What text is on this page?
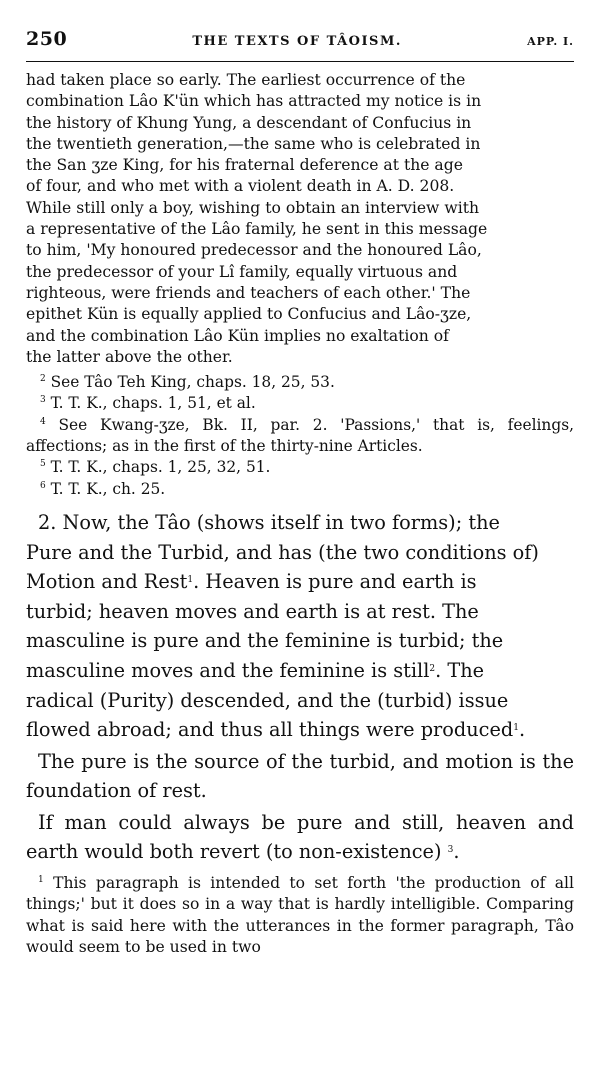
250	THE TEXTS OF TÂOISM.	APP. I.

had taken place so early. The earliest occurrence of the

combination Lâo K'ün which has attracted my notice is in

the history of Khung Yung, a descendant of Confucius in

the twentieth generation,—the same who is celebrated in

the San ʒze King, for his fraternal deference at the age

of four, and who met with a violent death in A. D. 208.

While still only a boy, wishing to obtain an interview with

a representative of the Lâo family, he sent in this message

to him, 'My honoured predecessor and the honoured Lâo,

the predecessor of your Lî family, equally virtuous and

righteous, were friends and teachers of each other.' The

epithet Kün is equally applied to Confucius and Lâo-ʒze,

and the combination Lâo Kün implies no exaltation of

the latter above the other.

$^2$ See Tâo Teh King, chaps. 18, 25, 53.

$^3$ T. T. K., chaps. 1, 51, et al.

$^4$ See Kwang-ʒze, Bk. II, par. 2. 'Passions,' that is, feelings, affections; as in the first of the thirty-nine Articles.

$^5$ T. T. K., chaps. 1, 25, 32, 51.

$^6$ T. T. K., ch. 25.

2. Now, the Tâo (shows itself in two forms); the

Pure and the Turbid, and has (the two conditions of)

Motion and Rest$^1$. Heaven is pure and earth is

turbid; heaven moves and earth is at rest. The

masculine is pure and the feminine is turbid; the

masculine moves and the feminine is still$^2$. The

radical (Purity) descended, and the (turbid) issue

flowed abroad; and thus all things were produced$^1$.

The pure is the source of the turbid, and motion is the foundation of rest.

If man could always be pure and still, heaven and earth would both revert (to non-existence) $^3$.

$^1$ This paragraph is intended to set forth 'the production of all things;' but it does so in a way that is hardly intelligible. Comparing what is said here with the utterances in the former paragraph, Tâo would seem to be used in two
